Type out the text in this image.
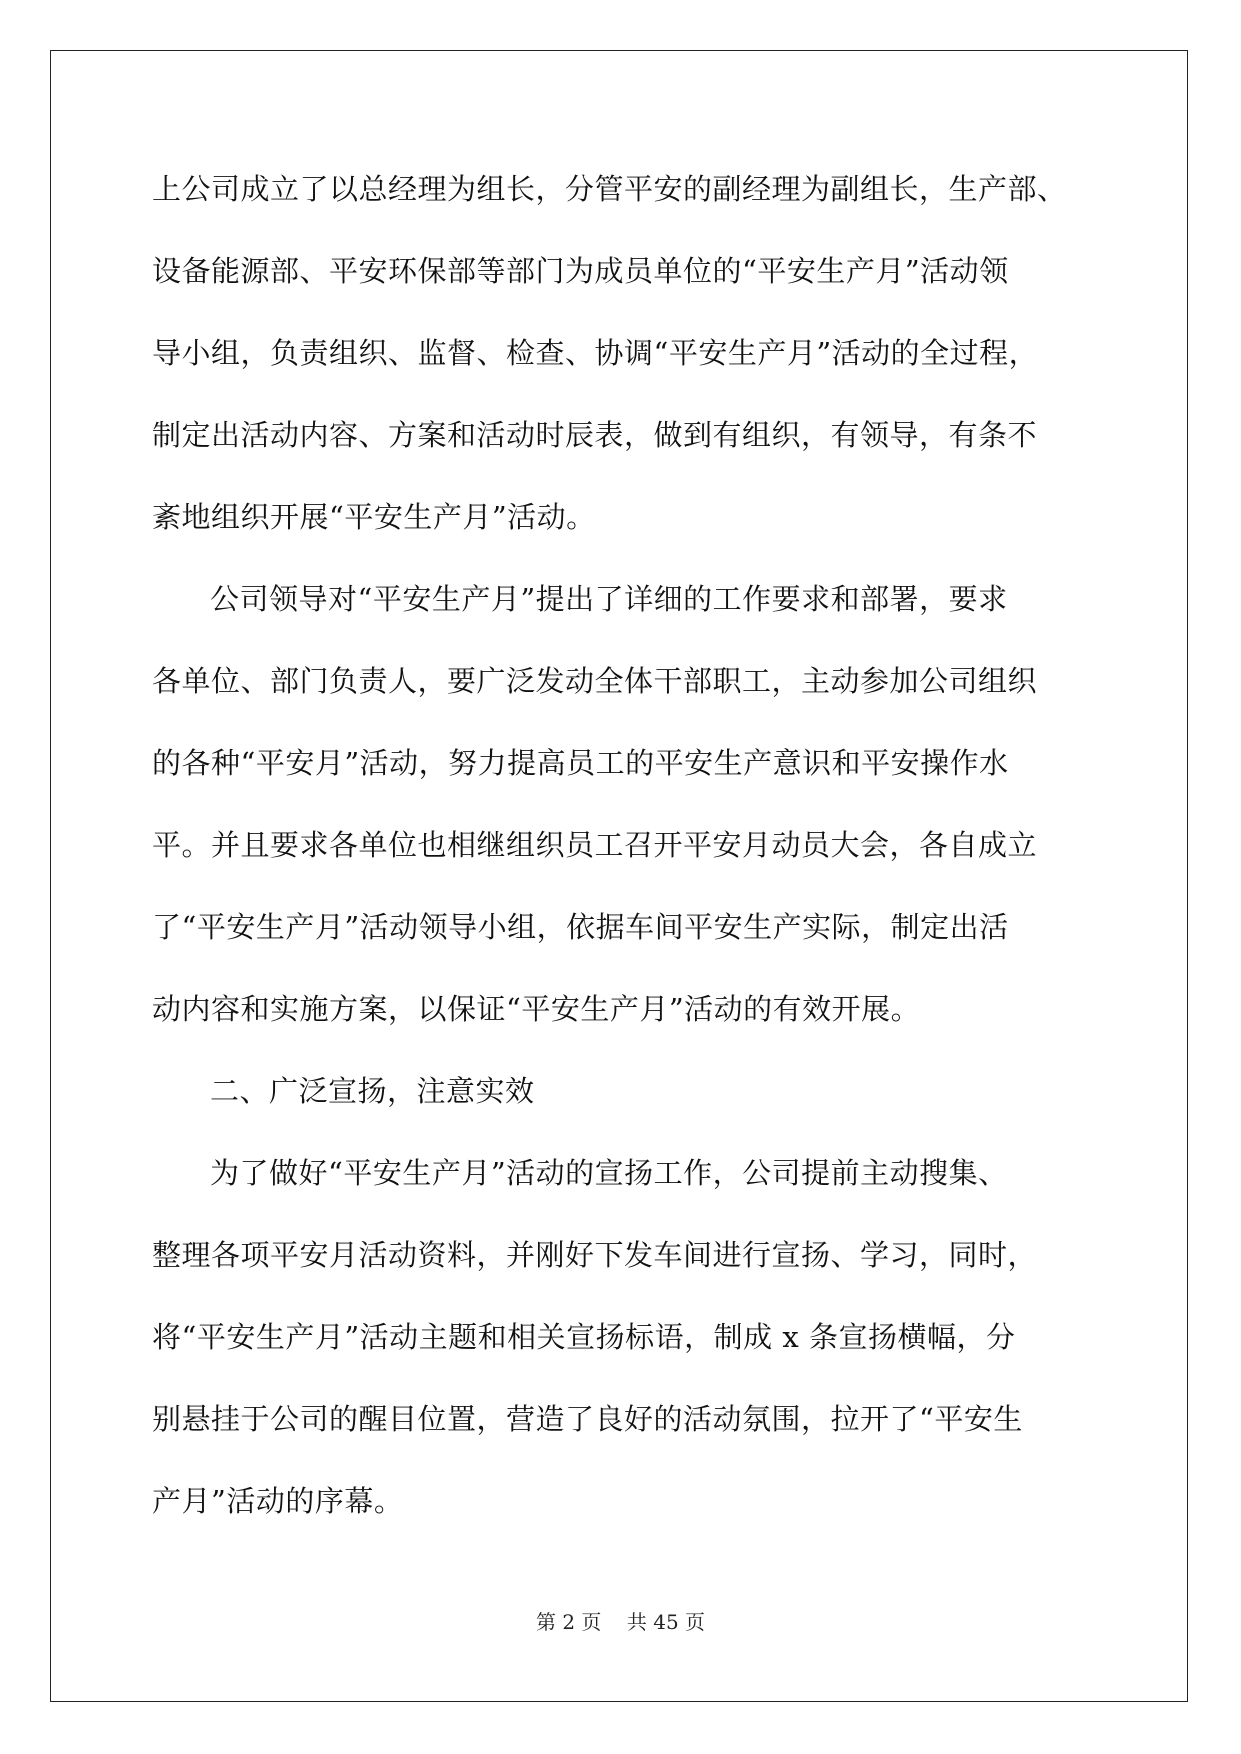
上公司成立了以总经理为组长，分管平安的副经理为副组长，生产部、
设备能源部、平安环保部等部门为成员单位的“平安生产月”活动领
导小组，负责组织、监督、检查、协调“平安生产月”活动的全过程，
制定出活动内容、方案和活动时辰表，做到有组织，有领导，有条不
紊地组织开展“平安生产月”活动。
公司领导对“平安生产月”提出了详细的工作要求和部署，要求
各单位、部门负责人，要广泛发动全体干部职工，主动参加公司组织
的各种“平安月”活动，努力提高员工的平安生产意识和平安操作水
平。并且要求各单位也相继组织员工召开平安月动员大会，各自成立
了“平安生产月”活动领导小组，依据车间平安生产实际，制定出活
动内容和实施方案，以保证“平安生产月”活动的有效开展。
二、广泛宣扬，注意实效
为了做好“平安生产月”活动的宣扬工作，公司提前主动搜集、
整理各项平安月活动资料，并刚好下发车间进行宣扬、学习，同时，
将“平安生产月”活动主题和相关宣扬标语，制成 x 条宣扬横幅，分
别悬挂于公司的醒目位置，营造了良好的活动氛围，拉开了“平安生
产月”活动的序幕。
第 2 页 共 45 页
